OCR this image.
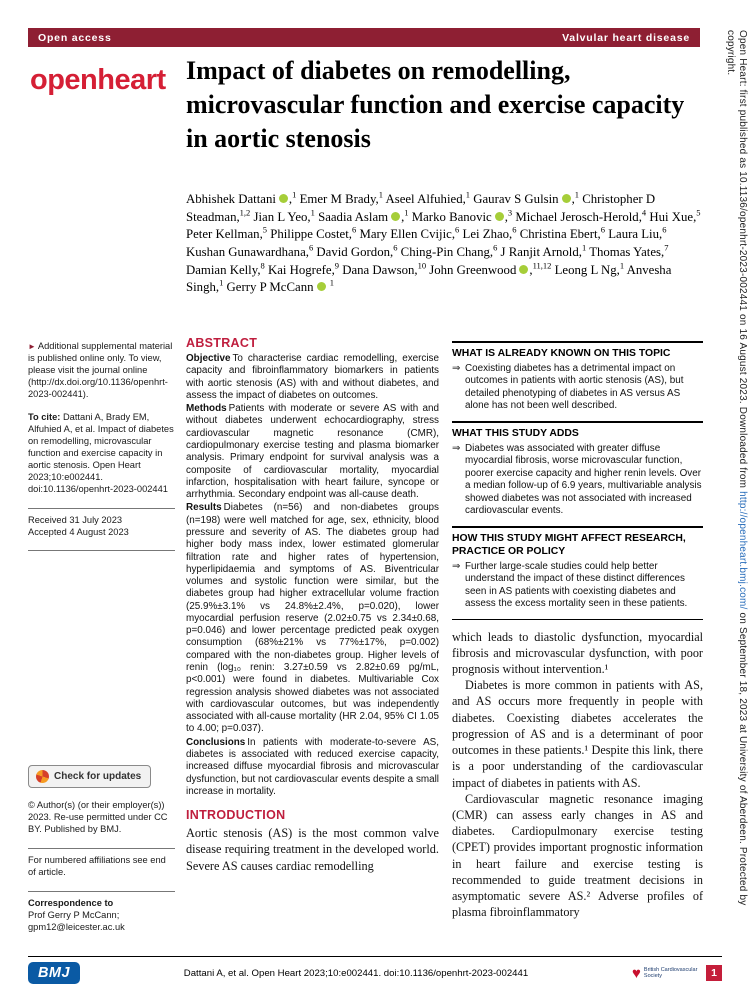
Open access	Valvular heart disease	Open Heart: first published as 10.1136/openhrt-2023-002441 on 16 August 2023. Downloaded from http://openheart.bmj.com/ on September 18, 2023 at University of Aberdeen. Protected by copyright.
openheart Impact of diabetes on remodelling, microvascular function and exercise capacity in aortic stenosis
Abhishek Dattani ,$^1$ Emer M Brady,$^1$ Aseel Alfuhied,$^1$ Gaurav S Gulsin ,$^1$ Christopher D Steadman,$^{1,2}$ Jian L Yeo,$^1$ Saadia Aslam ,$^1$ Marko Banovic ,$^3$ Michael Jerosch-Herold,$^4$ Hui Xue,$^5$ Peter Kellman,$^5$ Philippe Costet,$^6$ Mary Ellen Cvijic,$^6$ Lei Zhao,$^6$ Christina Ebert,$^6$ Laura Liu,$^6$ Kushan Gunawardhana,$^6$ David Gordon,$^6$ Ching-Pin Chang,$^6$ J Ranjit Arnold,$^1$ Thomas Yates,$^7$ Damian Kelly,$^8$ Kai Hogrefe,$^9$ Dana Dawson,$^{10}$ John Greenwood ,$^{11,12}$ Leong L Ng,$^1$ Anvesha Singh,$^1$ Gerry P McCann $^1$
► Additional supplemental material is published online only. To view, please visit the journal online (http://dx.doi.org/10.1136/openhrt-2023-002441).
To cite: Dattani A, Brady EM, Alfuhied A, et al. Impact of diabetes on remodelling, microvascular function and exercise capacity in aortic stenosis. Open Heart 2023;10:e002441. doi:10.1136/openhrt-2023-002441
Received 31 July 2023
Accepted 4 August 2023
Check for updates
© Author(s) (or their employer(s)) 2023. Re-use permitted under CC BY. Published by BMJ.
For numbered affiliations see end of article.
Correspondence to
Prof Gerry P McCann; gpm12@leicester.ac.uk
ABSTRACT

Objective To characterise cardiac remodelling, exercise capacity and fibroinflammatory biomarkers in patients with aortic stenosis (AS) with and without diabetes, and assess the impact of diabetes on outcomes.

Methods Patients with moderate or severe AS with and without diabetes underwent echocardiography, stress cardiovascular magnetic resonance (CMR), cardiopulmonary exercise testing and plasma biomarker analysis. Primary endpoint for survival analysis was a composite of cardiovascular mortality, myocardial infarction, hospitalisation with heart failure, syncope or arrhythmia. Secondary endpoint was all-cause death.

Results Diabetes (n=56) and non-diabetes groups (n=198) were well matched for age, sex, ethnicity, blood pressure and severity of AS. The diabetes group had higher body mass index, lower estimated glomerular filtration rate and higher rates of hypertension, hyperlipidaemia and symptoms of AS. Biventricular volumes and systolic function were similar, but the diabetes group had higher extracellular volume fraction (25.9%±3.1% vs 24.8%±2.4%, p=0.020), lower myocardial perfusion reserve (2.02±0.75 vs 2.34±0.68, p=0.046) and lower percentage predicted peak oxygen consumption (68%±21% vs 77%±17%, p=0.002) compared with the non-diabetes group. Higher levels of renin (log₁₀ renin: 3.27±0.59 vs 2.82±0.69 pg/mL, p<0.001) were found in diabetes. Multivariable Cox regression analysis showed diabetes was not associated with cardiovascular outcomes, but was independently associated with all-cause mortality (HR 2.04, 95% CI 1.05 to 4.00; p=0.037).

Conclusions In patients with moderate-to-severe AS, diabetes is associated with reduced exercise capacity, increased diffuse myocardial fibrosis and microvascular dysfunction, but not cardiovascular events despite a small increase in mortality.

INTRODUCTION

Aortic stenosis (AS) is the most common valve disease requiring treatment in the developed world. Severe AS causes cardiac remodelling

WHAT IS ALREADY KNOWN ON THIS TOPIC
⇒ Coexisting diabetes has a detrimental impact on outcomes in patients with aortic stenosis (AS), but detailed phenotyping of diabetes in AS versus AS alone has not been well described.
WHAT THIS STUDY ADDS
⇒ Diabetes was associated with greater diffuse myocardial fibrosis, worse microvascular function, poorer exercise capacity and higher renin levels. Over a median follow-up of 6.9 years, multivariable analysis showed diabetes was not associated with increased cardiovascular events.
HOW THIS STUDY MIGHT AFFECT RESEARCH, PRACTICE OR POLICY
⇒ Further large-scale studies could help better understand the impact of these distinct differences seen in AS patients with coexisting diabetes and assess the excess mortality seen in these patients.

which leads to diastolic dysfunction, myocardial fibrosis and microvascular dysfunction, with poor prognosis without intervention.¹

Diabetes is more common in patients with AS, and AS occurs more frequently in people with diabetes. Coexisting diabetes accelerates the progression of AS and is a determinant of poor outcomes in these patients.¹ Despite this link, there is a poor understanding of the cardiovascular impact of diabetes in patients with AS.

Cardiovascular magnetic resonance imaging (CMR) can assess early changes in AS and diabetes. Cardiopulmonary exercise testing (CPET) provides important prognostic information in heart failure and exercise testing is recommended to guide treatment decisions in asymptomatic severe AS.² Adverse profiles of plasma fibroinflammatory

BMJ	Dattani A, et al. Open Heart 2023;10:e002441. doi:10.1136/openhrt-2023-002441	♥ British Cardiovascular Society	1
